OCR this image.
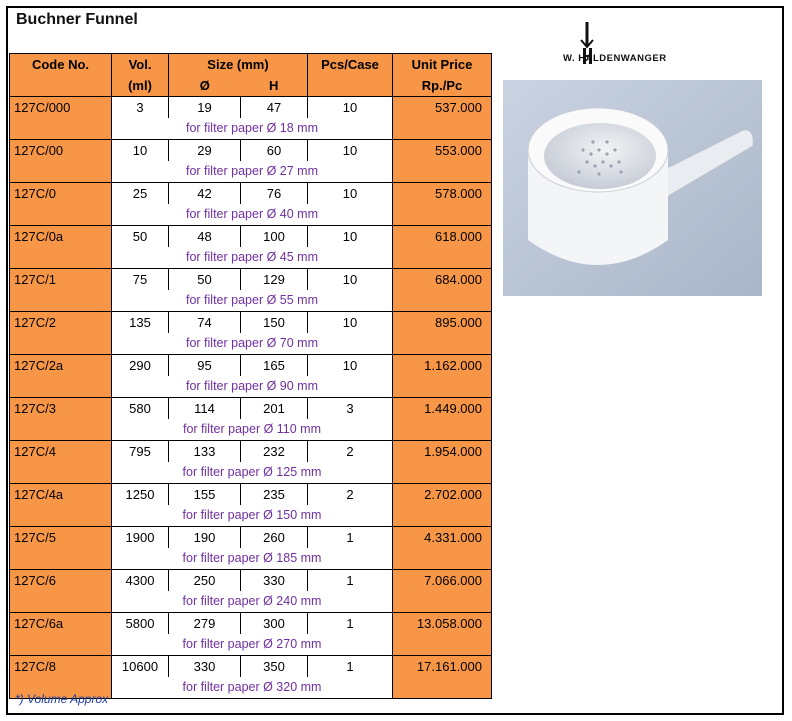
Buchner Funnel
Code No.	Vol.	Size (mm)		Pcs/Case	Unit Price
	(ml)	Ø	H		Rp./Pc
127C/000	3	19	47	10	537.000
	for filter paper Ø 18 mm				
127C/00	10	29	60	10	553.000
	for filter paper Ø 27 mm				
127C/0	25	42	76	10	578.000
	for filter paper Ø 40 mm				
127C/0a	50	48	100	10	618.000
	for filter paper Ø 45 mm				
127C/1	75	50	129	10	684.000
	for filter paper Ø 55 mm				
127C/2	135	74	150	10	895.000
	for filter paper Ø 70 mm				
127C/2a	290	95	165	10	1.162.000
	for filter paper Ø 90 mm				
127C/3	580	114	201	3	1.449.000
	for filter paper Ø 110 mm				
127C/4	795	133	232	2	1.954.000
	for filter paper Ø 125 mm				
127C/4a	1250	155	235	2	2.702.000
	for filter paper Ø 150 mm				
127C/5	1900	190	260	1	4.331.000
	for filter paper Ø 185 mm				
127C/6	4300	250	330	1	7.066.000
	for filter paper Ø 240 mm				
127C/6a	5800	279	300	1	13.058.000
	for filter paper Ø 270 mm				
127C/8	10600	330	350	1	17.161.000
	for filter paper Ø 320 mm				

*) Volume Approx
W. HALDENWANGER
